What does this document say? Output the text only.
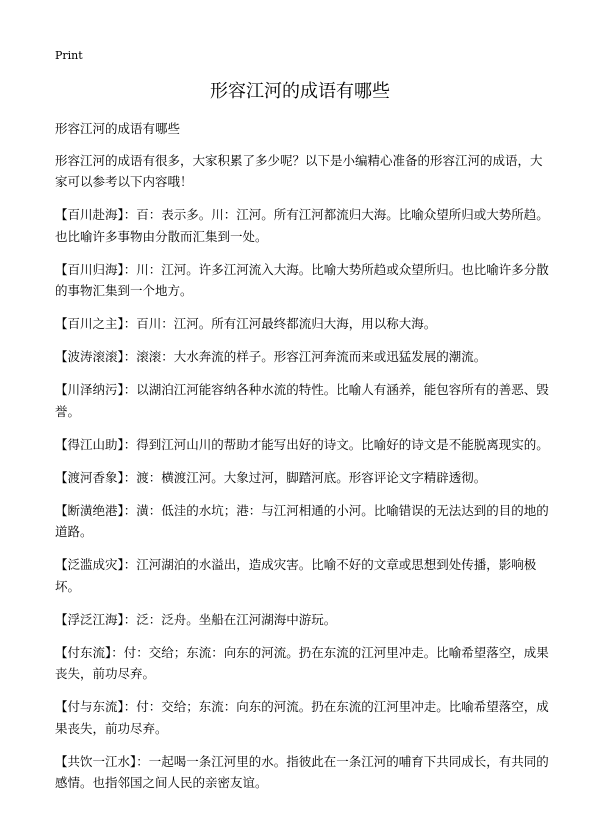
Print
形容江河的成语有哪些

形容江河的成语有哪些

形容江河的成语有很多，大家积累了多少呢？以下是小编精心准备的形容江河的成语，大家可以参考以下内容哦！

【百川赴海】：百：表示多。川：江河。所有江河都流归大海。比喻众望所归或大势所趋。也比喻许多事物由分散而汇集到一处。

【百川归海】：川：江河。许多江河流入大海。比喻大势所趋或众望所归。也比喻许多分散的事物汇集到一个地方。

【百川之主】：百川：江河。所有江河最终都流归大海，用以称大海。

【波涛滚滚】：滚滚：大水奔流的样子。形容江河奔流而来或迅猛发展的潮流。

【川泽纳污】：以湖泊江河能容纳各种水流的特性。比喻人有涵养，能包容所有的善恶、毁誉。

【得江山助】：得到江河山川的帮助才能写出好的诗文。比喻好的诗文是不能脱离现实的。

【渡河香象】：渡：横渡江河。大象过河，脚踏河底。形容评论文字精辟透彻。

【断潢绝港】：潢：低洼的水坑；港：与江河相通的小河。比喻错误的无法达到的目的地的道路。

【泛滥成灾】：江河湖泊的水溢出，造成灾害。比喻不好的文章或思想到处传播，影响极坏。

【浮泛江海】：泛：泛舟。坐船在江河湖海中游玩。

【付东流】：付：交给；东流：向东的河流。扔在东流的江河里冲走。比喻希望落空，成果丧失，前功尽弃。

【付与东流】：付：交给；东流：向东的河流。扔在东流的江河里冲走。比喻希望落空，成果丧失，前功尽弃。

【共饮一江水】：一起喝一条江河里的水。指彼此在一条江河的哺育下共同成长，有共同的感情。也指邻国之间人民的亲密友谊。
